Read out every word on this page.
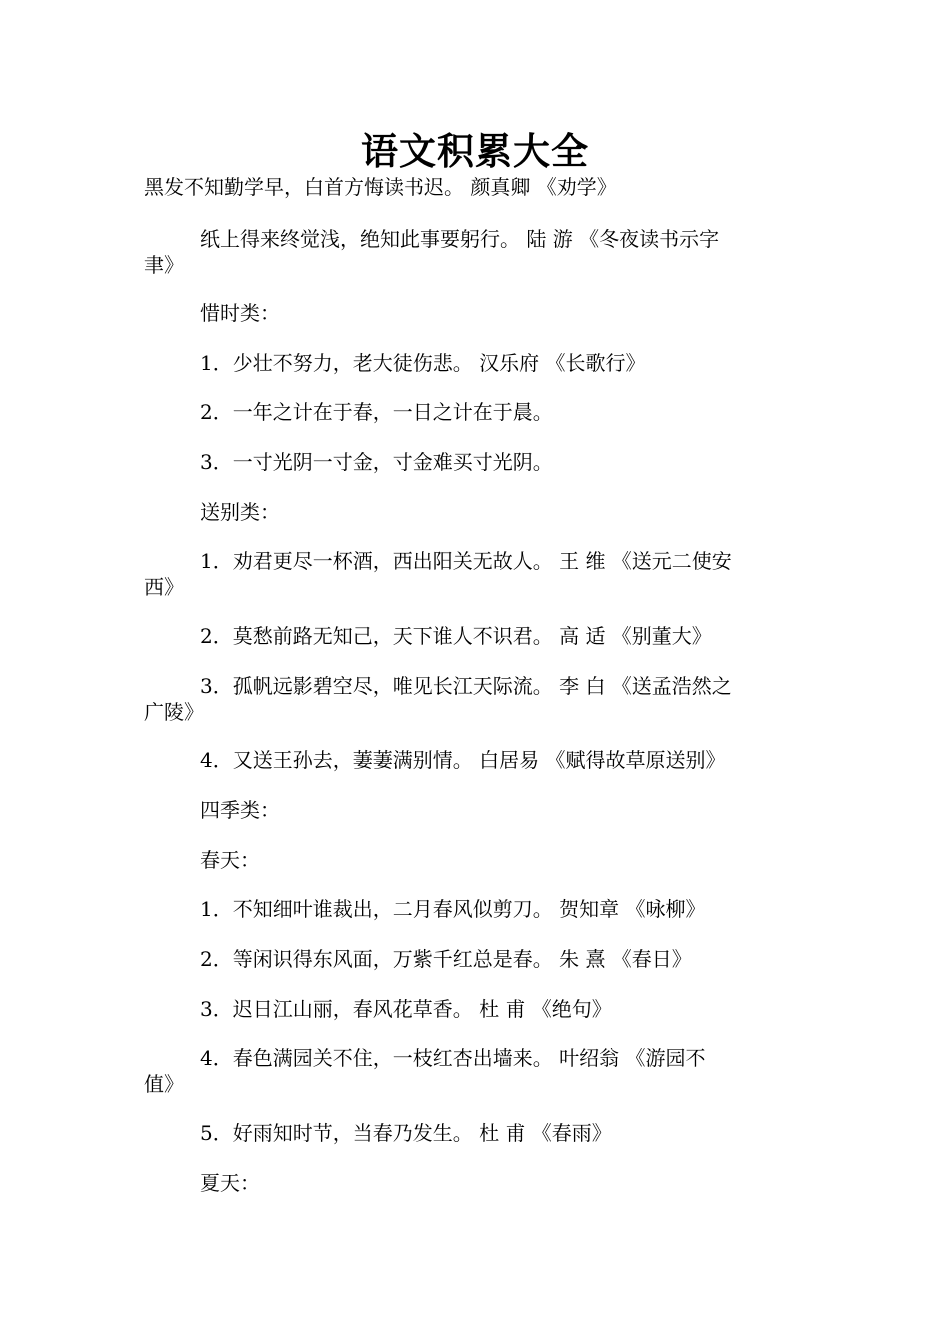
语文积累大全
黑发不知勤学早，白首方悔读书迟。 颜真卿 《劝学》
纸上得来终觉浅，绝知此事要躬行。 陆 游 《冬夜读书示字
聿》
惜时类：
1．少壮不努力，老大徒伤悲。 汉乐府 《长歌行》
2．一年之计在于春，一日之计在于晨。
3．一寸光阴一寸金，寸金难买寸光阴。
送别类：
1．劝君更尽一杯酒，西出阳关无故人。 王 维 《送元二使安
西》
2．莫愁前路无知己，天下谁人不识君。 高 适 《别董大》
3．孤帆远影碧空尽，唯见长江天际流。 李 白 《送孟浩然之
广陵》
4．又送王孙去，萋萋满别情。 白居易 《赋得故草原送别》
四季类：
春天：
1．不知细叶谁裁出，二月春风似剪刀。 贺知章 《咏柳》
2．等闲识得东风面，万紫千红总是春。 朱 熹 《春日》
3．迟日江山丽，春风花草香。 杜 甫 《绝句》
4．春色满园关不住，一枝红杏出墙来。 叶绍翁 《游园不
值》
5．好雨知时节，当春乃发生。 杜 甫 《春雨》
夏天：
